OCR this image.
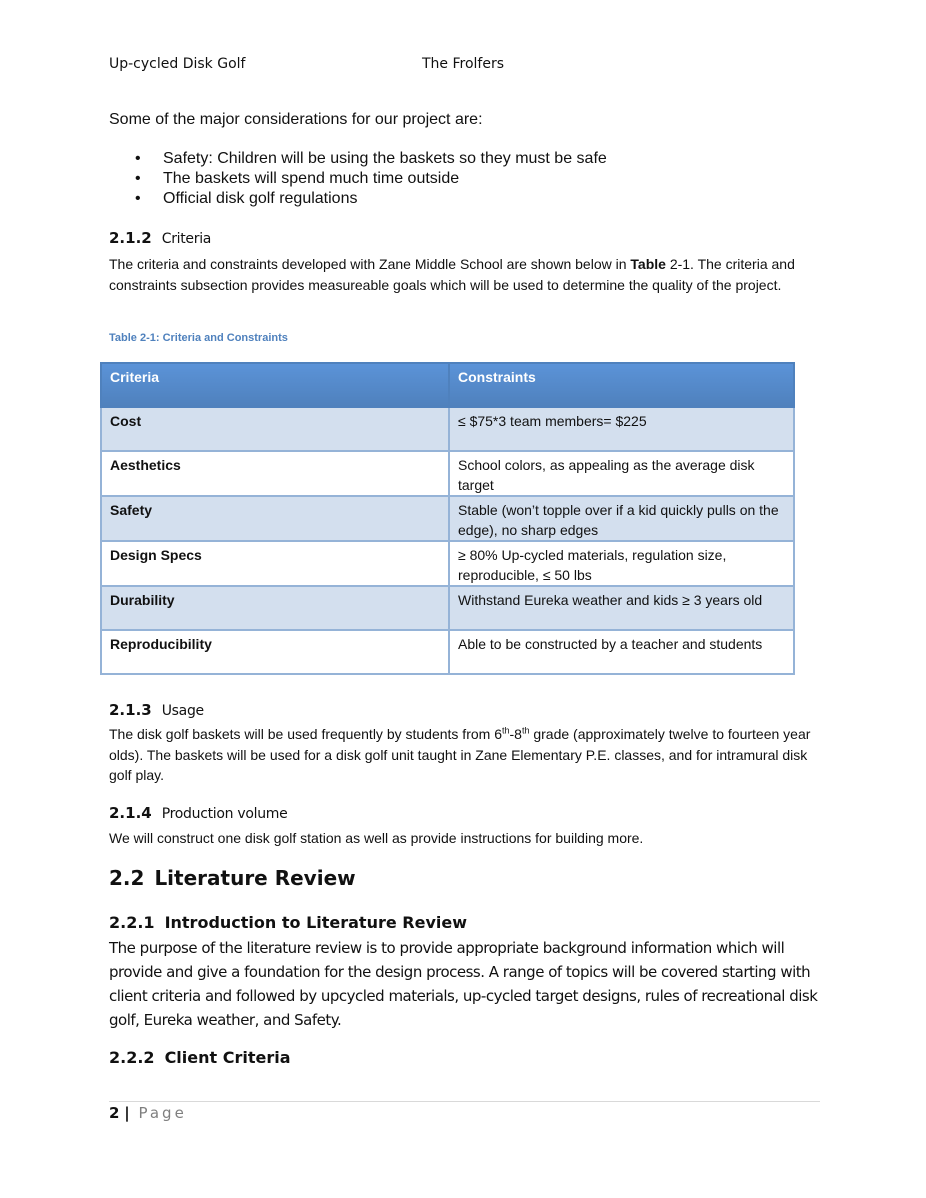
Up-cycled Disk Golf	The Frolfers
Some of the major considerations for our project are:
• Safety: Children will be using the baskets so they must be safe
• The baskets will spend much time outside
• Official disk golf regulations
2.1.2 Criteria
The criteria and constraints developed with Zane Middle School are shown below in Table 2-1. The criteria and constraints subsection provides measureable goals which will be used to determine the quality of the project.
Table 2-1: Criteria and Constraints
Criteria	Constraints
Cost	≤ $75*3 team members= $225
Aesthetics	School colors, as appealing as the average disk target
Safety	Stable (won’t topple over if a kid quickly pulls on the edge), no sharp edges
Design Specs	≥ 80% Up-cycled materials, regulation size, reproducible, ≤ 50 lbs
Durability	Withstand Eureka weather and kids ≥ 3 years old
Reproducibility	Able to be constructed by a teacher and students
2.1.3 Usage
The disk golf baskets will be used frequently by students from 6th-8th grade (approximately twelve to fourteen year olds). The baskets will be used for a disk golf unit taught in Zane Elementary P.E. classes, and for intramural disk golf play.
2.1.4 Production volume
We will construct one disk golf station as well as provide instructions for building more.
2.2 Literature Review
2.2.1 Introduction to Literature Review
The purpose of the literature review is to provide appropriate background information which will provide and give a foundation for the design process. A range of topics will be covered starting with client criteria and followed by upcycled materials, up-cycled target designs, rules of recreational disk golf, Eureka weather, and Safety.
2.2.2 Client Criteria
2 | Page
